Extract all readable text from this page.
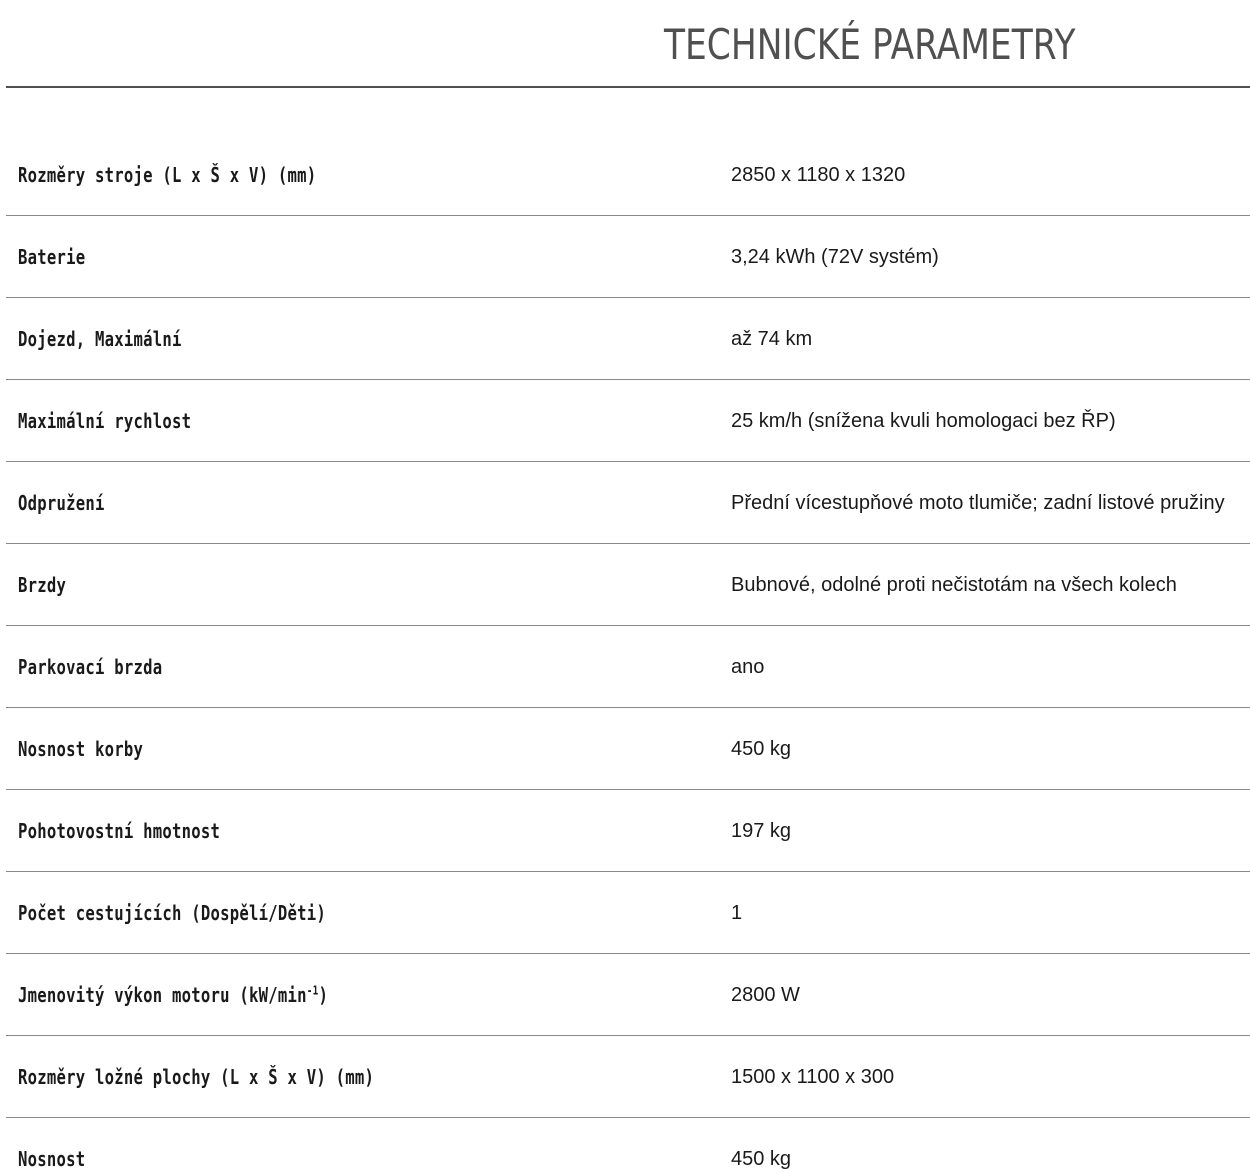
TECHNICKÉ PARAMETRY
Rozměry stroje (L x Š x V) (mm)	2850 x 1180 x 1320
Baterie	3,24 kWh (72V systém)
Dojezd, Maximální	až 74 km
Maximální rychlost	25 km/h (snížena kvuli homologaci bez ŘP)
Odpružení	Přední vícestupňové moto tlumiče; zadní listové pružiny
Brzdy	Bubnové, odolné proti nečistotám na všech kolech
Parkovací brzda	ano
Nosnost korby	450 kg
Pohotovostní hmotnost	197 kg
Počet cestujících (Dospělí/Děti)	1
Jmenovitý výkon motoru $(kW/\min^{-1})$	2800 W
Rozměry ložné plochy (L x Š x V) (mm)	1500 x 1100 x 300
Nosnost	450 kg
